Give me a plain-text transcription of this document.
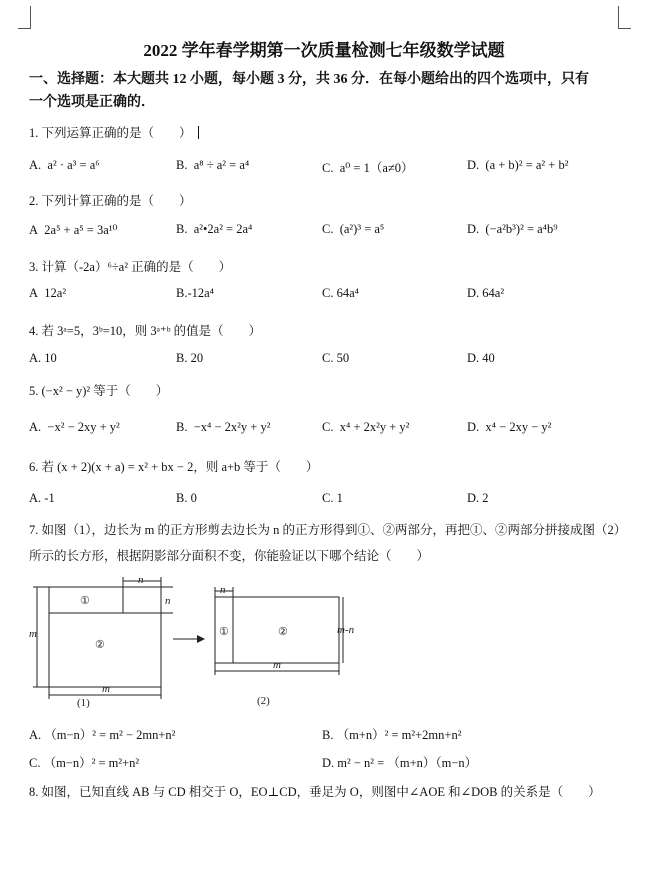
2022 学年春学期第一次质量检测七年级数学试题
一、选择题：本大题共 12 小题，每小题 3 分，共 36 分．在每小题给出的四个选项中，只有
一个选项是正确的．
1. 下列运算正确的是（　　）
A. a² · a³ = a⁶	B. a⁸ ÷ a² = a⁴	C. a⁰ = 1（a≠0）	D. (a + b)² = a² + b²
2. 下列计算正确的是（　　）
A 2a⁵ + a⁵ = 3a¹⁰	B. a²•2a² = 2a⁴	C. (a²)³ = a⁵	D. (−a²b³)² = a⁴b⁹
3. 计算（-2a）⁶÷a² 正确的是（　　）
A 12a²	B.-12a⁴	C. 64a⁴	D. 64a²
4. 若 3ᵃ=5，3ᵇ=10，则 3ᵃ⁺ᵇ 的值是（　　）
A. 10	B. 20	C. 50	D. 40
5. (−x² − y)² 等于（　　）
A. −x² − 2xy + y²	B. −x⁴ − 2x²y + y²	C. x⁴ + 2x²y + y²	D. x⁴ − 2xy − y²
6. 若 (x + 2)(x + a) = x² + bx − 2，则 a+b 等于（　　）
A. -1	B. 0	C. 1	D. 2
7. 如图（1），边长为 m 的正方形剪去边长为 n 的正方形得到①、②两部分，再把①、②两部分拼接成图（2）
所示的长方形，根据阴影部分面积不变，你能验证以下哪个结论（　　）
n
n
m
m
n
m-n
m
①
②
①	②
(1)	(2)
A. （m−n）² = m² − 2mn+n²	B. （m+n）² = m²+2mn+n²
C. （m−n）² = m²+n²	D. m² − n² = （m+n）（m−n）
8. 如图，已知直线 AB 与 CD 相交于 O，EO⊥CD，垂足为 O，则图中∠AOE 和∠DOB 的关系是（　　）
